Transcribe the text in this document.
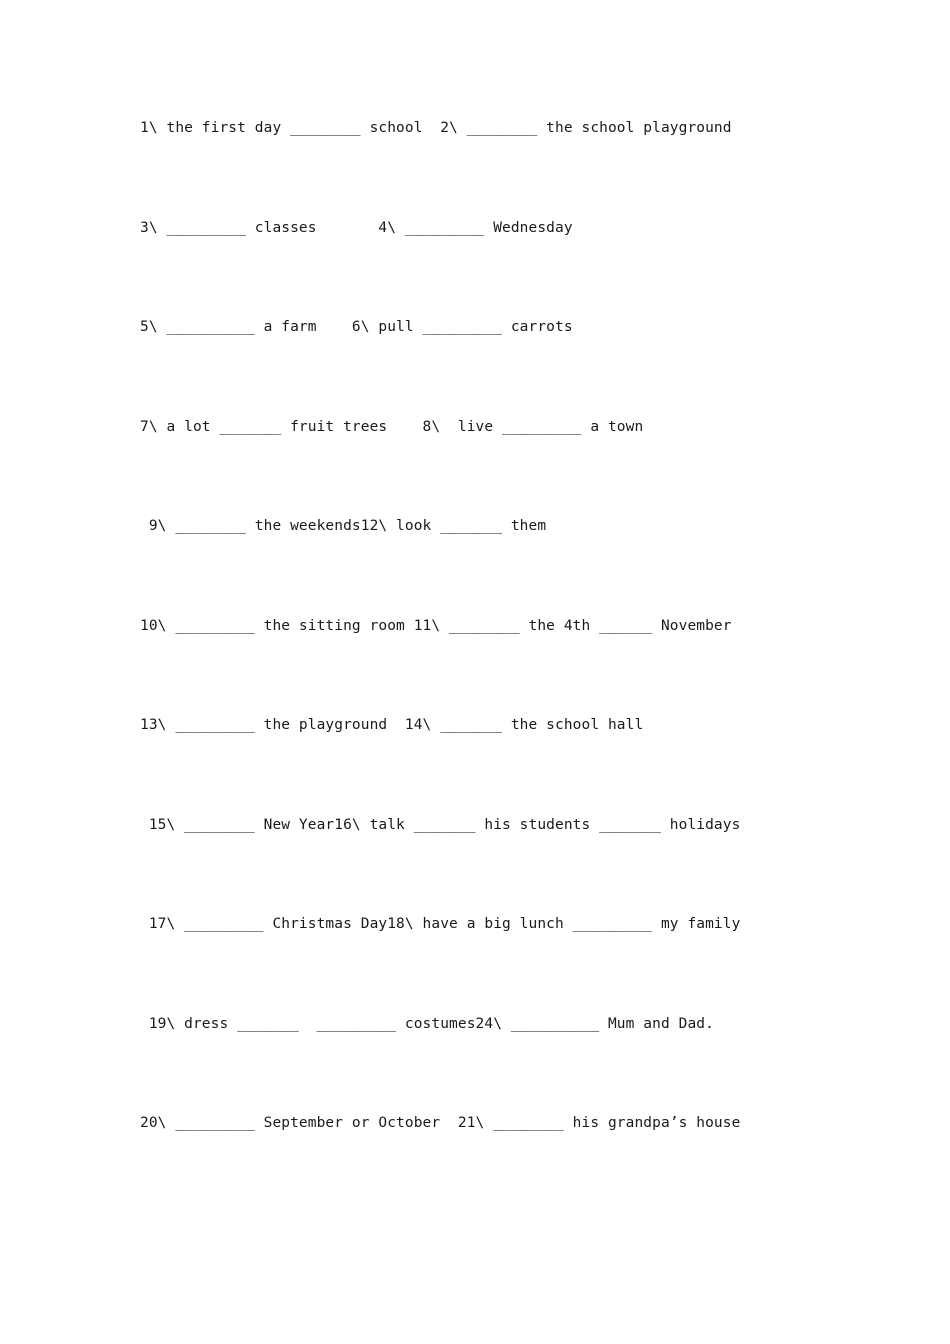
1\ the first day ________ school  2\ ________ the school playground

3\ _________ classes       4\ _________ Wednesday

5\ __________ a farm    6\ pull _________ carrots

7\ a lot _______ fruit trees    8\  live _________ a town

9\ ________ the weekends12\ look _______ them

10\ _________ the sitting room 11\ ________ the 4th ______ November

13\ _________ the playground  14\ _______ the school hall

15\ ________ New Year16\ talk _______ his students _______ holidays

17\ _________ Christmas Day18\ have a big lunch _________ my family

19\ dress _______  _________ costumes24\ __________ Mum and Dad.

20\ _________ September or October  21\ ________ his grandpa’s house
